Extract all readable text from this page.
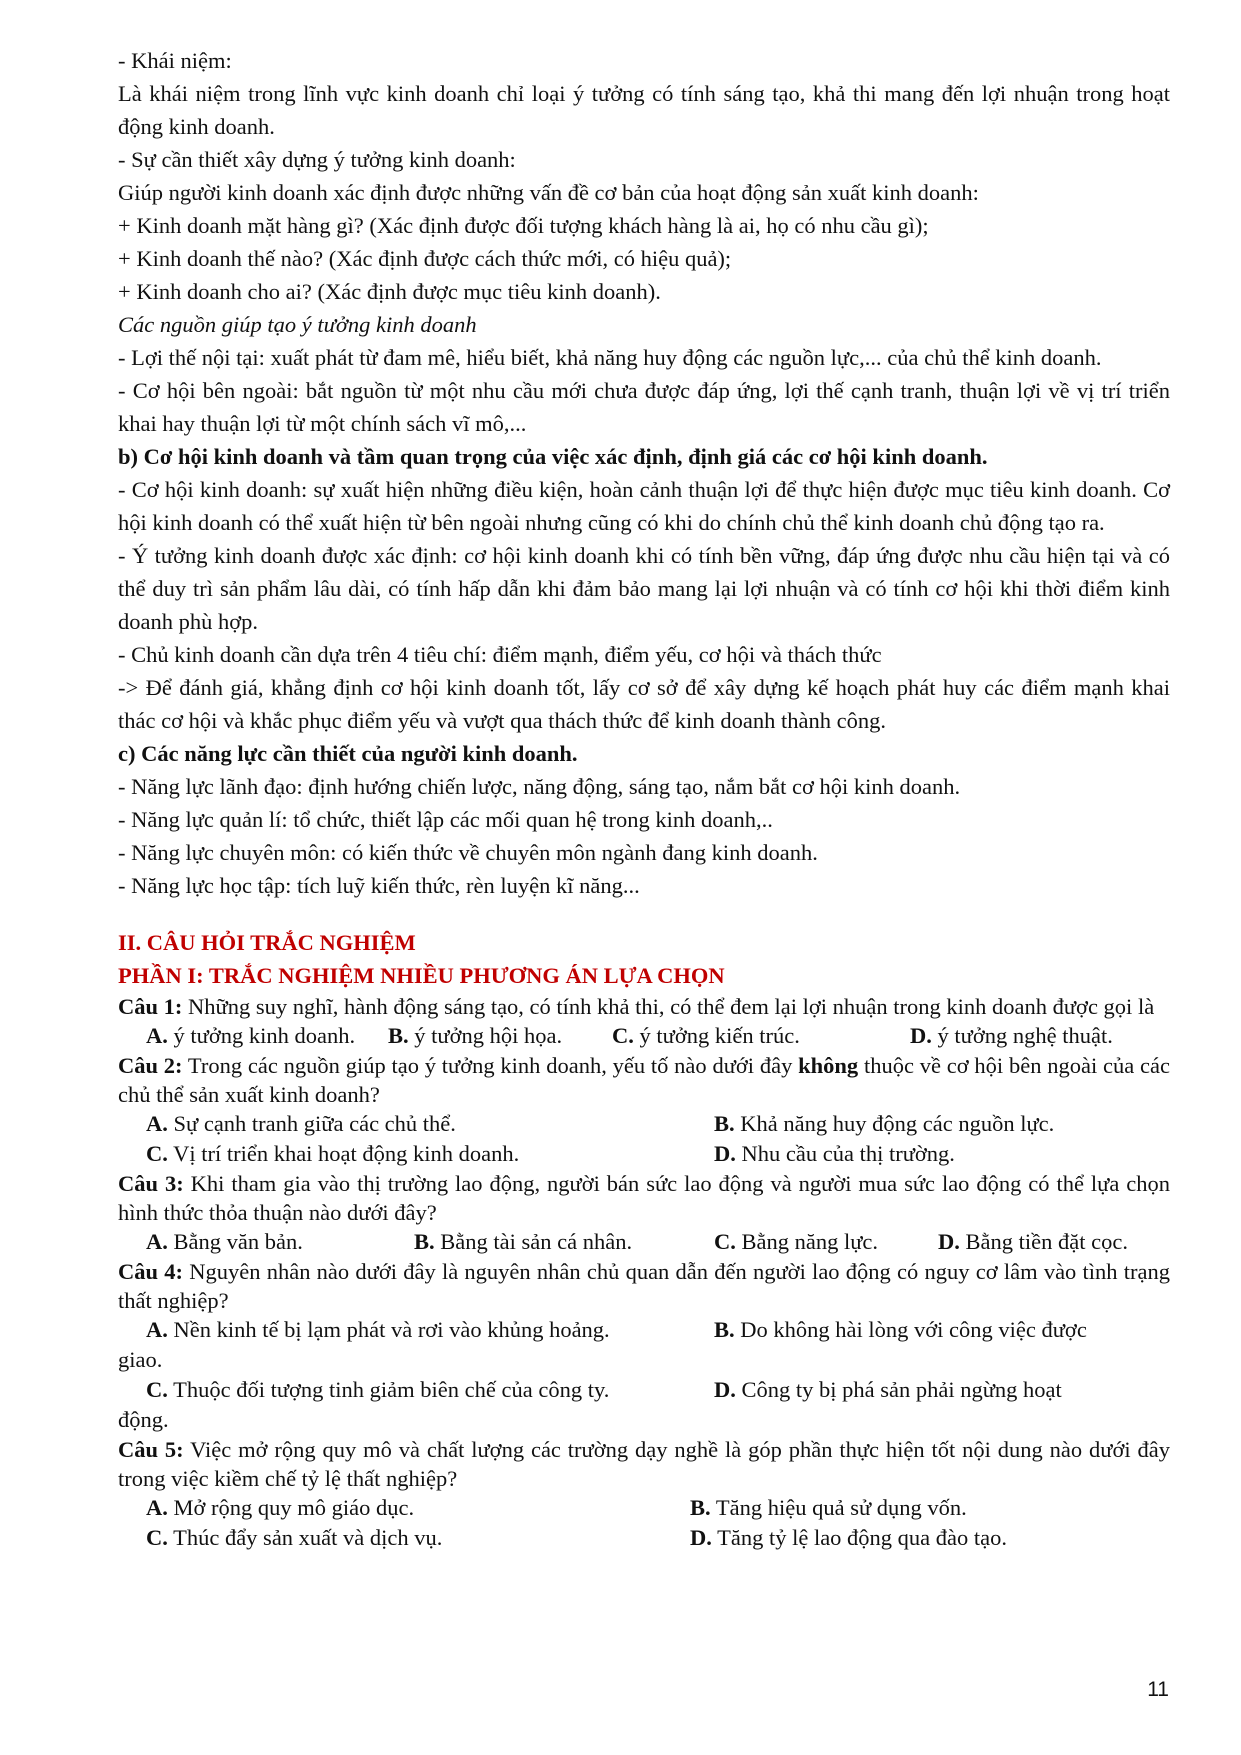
- Khái niệm:

Là khái niệm trong lĩnh vực kinh doanh chỉ loại ý tưởng có tính sáng tạo, khả thi mang đến lợi nhuận trong hoạt động kinh doanh.

- Sự cần thiết xây dựng ý tưởng kinh doanh:

Giúp người kinh doanh xác định được những vấn đề cơ bản của hoạt động sản xuất kinh doanh:

+ Kinh doanh mặt hàng gì? (Xác định được đối tượng khách hàng là ai, họ có nhu cầu gì);

+ Kinh doanh thế nào? (Xác định được cách thức mới, có hiệu quả);

+ Kinh doanh cho ai? (Xác định được mục tiêu kinh doanh).

Các nguồn giúp tạo ý tưởng kinh doanh

- Lợi thế nội tại: xuất phát từ đam mê, hiểu biết, khả năng huy động các nguồn lực,... của chủ thể kinh doanh.

- Cơ hội bên ngoài: bắt nguồn từ một nhu cầu mới chưa được đáp ứng, lợi thế cạnh tranh, thuận lợi về vị trí triển khai hay thuận lợi từ một chính sách vĩ mô,...

b) Cơ hội kinh doanh và tầm quan trọng của việc xác định, định giá các cơ hội kinh doanh.

- Cơ hội kinh doanh: sự xuất hiện những điều kiện, hoàn cảnh thuận lợi để thực hiện được mục tiêu kinh doanh. Cơ hội kinh doanh có thể xuất hiện từ bên ngoài nhưng cũng có khi do chính chủ thể kinh doanh chủ động tạo ra.

- Ý tưởng kinh doanh được xác định: cơ hội kinh doanh khi có tính bền vững, đáp ứng được nhu cầu hiện tại và có thể duy trì sản phẩm lâu dài, có tính hấp dẫn khi đảm bảo mang lại lợi nhuận và có tính cơ hội khi thời điểm kinh doanh phù hợp.

- Chủ kinh doanh cần dựa trên 4 tiêu chí: điểm mạnh, điểm yếu, cơ hội và thách thức

-> Để đánh giá, khẳng định cơ hội kinh doanh tốt, lấy cơ sở để xây dựng kế hoạch phát huy các điểm mạnh khai thác cơ hội và khắc phục điểm yếu và vượt qua thách thức để kinh doanh thành công.

c) Các năng lực cần thiết của người kinh doanh.

- Năng lực lãnh đạo: định hướng chiến lược, năng động, sáng tạo, nắm bắt cơ hội kinh doanh.

- Năng lực quản lí: tổ chức, thiết lập các mối quan hệ trong kinh doanh,..

- Năng lực chuyên môn: có kiến thức về chuyên môn ngành đang kinh doanh.

- Năng lực học tập: tích luỹ kiến thức, rèn luyện kĩ năng...

II. CÂU HỎI TRẮC NGHIỆM

PHẦN I: TRẮC NGHIỆM NHIỀU PHƯƠNG ÁN LỰA CHỌN

Câu 1: Những suy nghĩ, hành động sáng tạo, có tính khả thi, có thể đem lại lợi nhuận trong kinh doanh được gọi là

A. ý tưởng kinh doanh.	B. ý tưởng hội họa.	C. ý tưởng kiến trúc.	D. ý tưởng nghệ thuật.

Câu 2: Trong các nguồn giúp tạo ý tưởng kinh doanh, yếu tố nào dưới đây không thuộc về cơ hội bên ngoài của các chủ thể sản xuất kinh doanh?

A. Sự cạnh tranh giữa các chủ thể.	B. Khả năng huy động các nguồn lực.
C. Vị trí triển khai hoạt động kinh doanh.	D. Nhu cầu của thị trường.

Câu 3: Khi tham gia vào thị trường lao động, người bán sức lao động và người mua sức lao động có thể lựa chọn hình thức thỏa thuận nào dưới đây?

A. Bằng văn bản.	B. Bằng tài sản cá nhân.	C. Bằng năng lực.	D. Bằng tiền đặt cọc.

Câu 4: Nguyên nhân nào dưới đây là nguyên nhân chủ quan dẫn đến người lao động có nguy cơ lâm vào tình trạng thất nghiệp?

A. Nền kinh tế bị lạm phát và rơi vào khủng hoảng.	B. Do không hài lòng với công việc được
giao.
C. Thuộc đối tượng tinh giảm biên chế của công ty.	D. Công ty bị phá sản phải ngừng hoạt
động.

Câu 5: Việc mở rộng quy mô và chất lượng các trường dạy nghề là góp phần thực hiện tốt nội dung nào dưới đây trong việc kiềm chế tỷ lệ thất nghiệp?

A. Mở rộng quy mô giáo dục.	B. Tăng hiệu quả sử dụng vốn.
C. Thúc đẩy sản xuất và dịch vụ.	D. Tăng tỷ lệ lao động qua đào tạo.
11
